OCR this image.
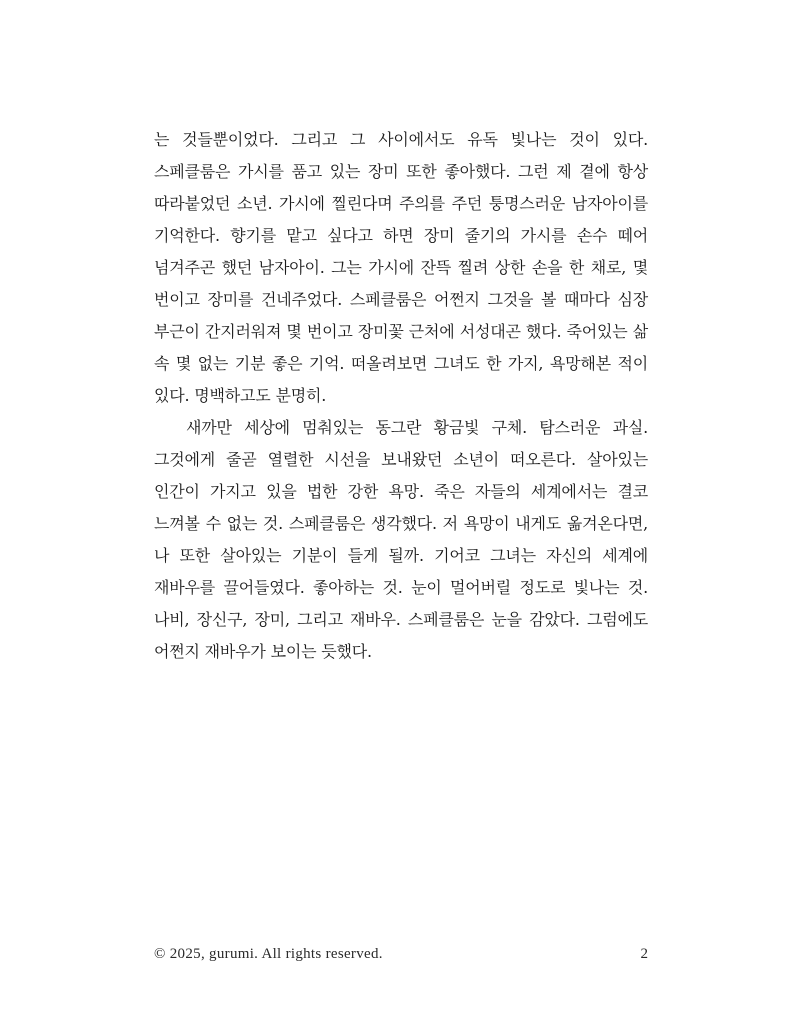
는 것들뿐이었다. 그리고 그 사이에서도 유독 빛나는 것이 있다. 스페클룸은 가시를 품고 있는 장미 또한 좋아했다. 그런 제 곁에 항상 따라붙었던 소년. 가시에 찔린다며 주의를 주던 퉁명스러운 남자아이를 기억한다. 향기를 맡고 싶다고 하면 장미 줄기의 가시를 손수 떼어 넘겨주곤 했던 남자아이. 그는 가시에 잔뜩 찔려 상한 손을 한 채로, 몇 번이고 장미를 건네주었다. 스페클룸은 어쩐지 그것을 볼 때마다 심장 부근이 간지러워져 몇 번이고 장미꽃 근처에 서성대곤 했다. 죽어있는 삶 속 몇 없는 기분 좋은 기억. 떠올려보면 그녀도 한 가지, 욕망해본 적이 있다. 명백하고도 분명히.

새까만 세상에 멈춰있는 동그란 황금빛 구체. 탐스러운 과실. 그것에게 줄곧 열렬한 시선을 보내왔던 소년이 떠오른다. 살아있는 인간이 가지고 있을 법한 강한 욕망. 죽은 자들의 세계에서는 결코 느껴볼 수 없는 것. 스페클룸은 생각했다. 저 욕망이 내게도 옮겨온다면, 나 또한 살아있는 기분이 들게 될까. 기어코 그녀는 자신의 세계에 재바우를 끌어들였다. 좋아하는 것. 눈이 멀어버릴 정도로 빛나는 것. 나비, 장신구, 장미, 그리고 재바우. 스페클룸은 눈을 감았다. 그럼에도 어쩐지 재바우가 보이는 듯했다.

© 2025, gurumi. All rights reserved.	2
